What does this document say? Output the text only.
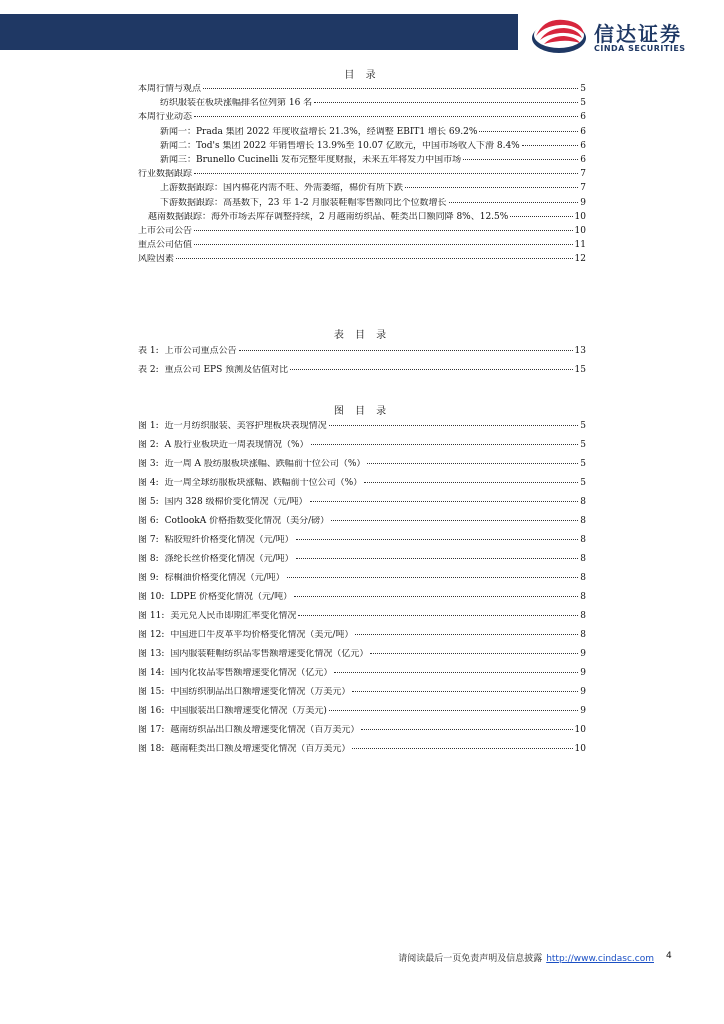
信达证券
CINDA SECURITIES
目 录
本周行情与观点	5
纺织服装在板块涨幅排名位列第 16 名	5
本周行业动态	6
新闻一：Prada 集团 2022 年度收益增长 21.3%，经调整 EBIT1 增长 69.2%	6
新闻二：Tod's 集团 2022 年销售增长 13.9%至 10.07 亿欧元，中国市场收入下滑 8.4%	6
新闻三：Brunello Cucinelli 发布完整年度财报，未来五年将发力中国市场	6
行业数据跟踪	7
上游数据跟踪：国内棉花内需不旺、外需萎缩，棉价有所下跌	7
下游数据跟踪：高基数下，23 年 1-2 月服装鞋帽零售额同比个位数增长	9
越南数据跟踪：海外市场去库存调整持续，2 月越南纺织品、鞋类出口额同降 8%、12.5%	10
上市公司公告	10
重点公司估值	11
风险因素	12
表 目 录
表 1: 上市公司重点公告	13
表 2: 重点公司 EPS 预测及估值对比	15
图 目 录
图 1: 近一月纺织服装、美容护理板块表现情况	5
图 2: A 股行业板块近一周表现情况（%）	5
图 3: 近一周 A 股纺服板块涨幅、跌幅前十位公司（%）	5
图 4: 近一周全球纺服板块涨幅、跌幅前十位公司（%）	5
图 5: 国内 328 级棉价变化情况（元/吨）	8
图 6: CotlookA 价格指数变化情况（美分/磅）	8
图 7: 粘胶短纤价格变化情况（元/吨）	8
图 8: 涤纶长丝价格变化情况（元/吨）	8
图 9: 棕榈油价格变化情况（元/吨）	8
图 10: LDPE 价格变化情况（元/吨）	8
图 11: 美元兑人民币即期汇率变化情况	8
图 12: 中国进口牛皮革平均价格变化情况（美元/吨）	8
图 13: 国内服装鞋帽纺织品零售额增速变化情况（亿元）	9
图 14: 国内化妆品零售额增速变化情况（亿元）	9
图 15: 中国纺织制品出口额增速变化情况（万美元）	9
图 16: 中国服装出口额增速变化情况（万美元)	9
图 17: 越南纺织品出口额及增速变化情况（百万美元）	10
图 18: 越南鞋类出口额及增速变化情况（百万美元）	10
请阅读最后一页免责声明及信息披露 http://www.cindasc.com 4
